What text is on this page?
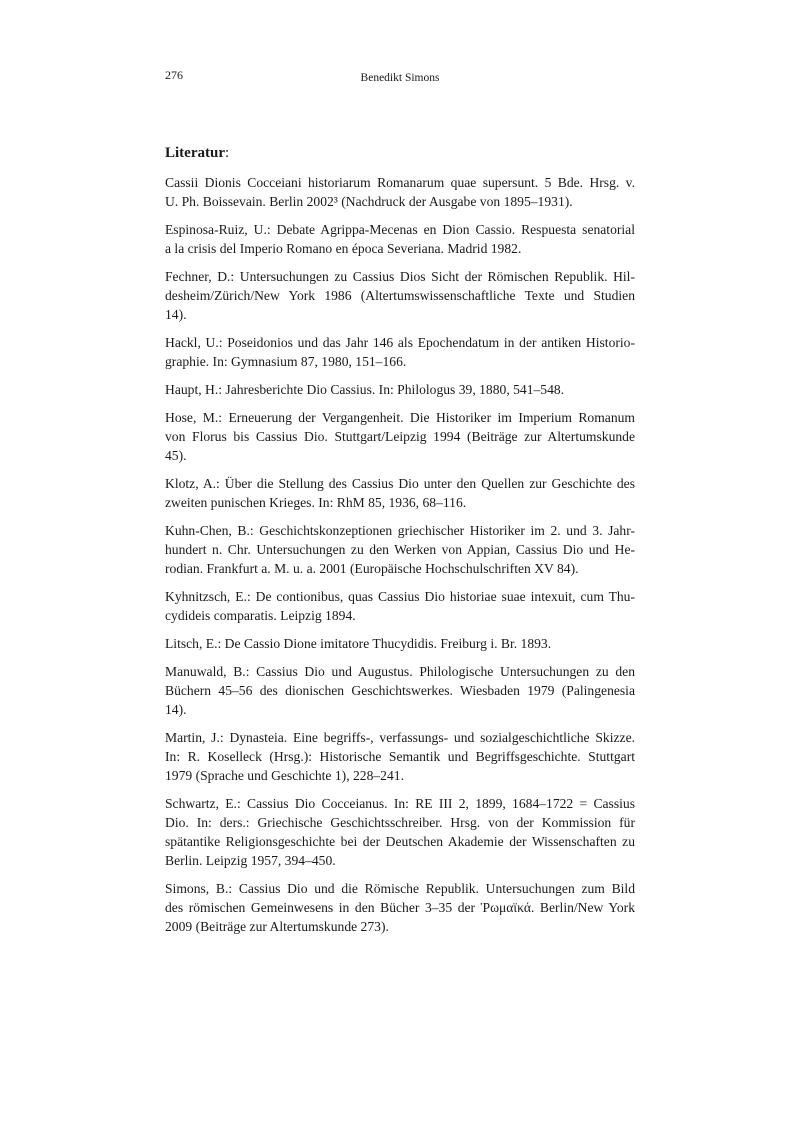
276	Benedikt Simons
Literatur:
Cassii Dionis Cocceiani historiarum Romanarum quae supersunt. 5 Bde. Hrsg. v.
U. Ph. Boissevain. Berlin 2002³ (Nachdruck der Ausgabe von 1895–1931).
Espinosa-Ruiz, U.: Debate Agrippa-Mecenas en Dion Cassio. Respuesta senatorial
a la crisis del Imperio Romano en época Severiana. Madrid 1982.
Fechner, D.: Untersuchungen zu Cassius Dios Sicht der Römischen Republik. Hil-
desheim/Zürich/New York 1986 (Altertumswissenschaftliche Texte und Studien
14).
Hackl, U.: Poseidonios und das Jahr 146 als Epochendatum in der antiken Historio-
graphie. In: Gymnasium 87, 1980, 151–166.
Haupt, H.: Jahresberichte Dio Cassius. In: Philologus 39, 1880, 541–548.
Hose, M.: Erneuerung der Vergangenheit. Die Historiker im Imperium Romanum
von Florus bis Cassius Dio. Stuttgart/Leipzig 1994 (Beiträge zur Altertumskunde
45).
Klotz, A.: Über die Stellung des Cassius Dio unter den Quellen zur Geschichte des
zweiten punischen Krieges. In: RhM 85, 1936, 68–116.
Kuhn-Chen, B.: Geschichtskonzeptionen griechischer Historiker im 2. und 3. Jahr-
hundert n. Chr. Untersuchungen zu den Werken von Appian, Cassius Dio und He-
rodian. Frankfurt a. M. u. a. 2001 (Europäische Hochschulschriften XV 84).
Kyhnitzsch, E.: De contionibus, quas Cassius Dio historiae suae intexuit, cum Thu-
cydideis comparatis. Leipzig 1894.
Litsch, E.: De Cassio Dione imitatore Thucydidis. Freiburg i. Br. 1893.
Manuwald, B.: Cassius Dio und Augustus. Philologische Untersuchungen zu den
Büchern 45–56 des dionischen Geschichtswerkes. Wiesbaden 1979 (Palingenesia
14).
Martin, J.: Dynasteia. Eine begriffs-, verfassungs- und sozialgeschichtliche Skizze.
In: R. Koselleck (Hrsg.): Historische Semantik und Begriffsgeschichte. Stuttgart
1979 (Sprache und Geschichte 1), 228–241.
Schwartz, E.: Cassius Dio Cocceianus. In: RE III 2, 1899, 1684–1722 = Cassius
Dio. In: ders.: Griechische Geschichtsschreiber. Hrsg. von der Kommission für
spätantike Religionsgeschichte bei der Deutschen Akademie der Wissenschaften zu
Berlin. Leipzig 1957, 394–450.
Simons, B.: Cassius Dio und die Römische Republik. Untersuchungen zum Bild
des römischen Gemeinwesens in den Bücher 3–35 der Ῥωμαϊκά. Berlin/New York
2009 (Beiträge zur Altertumskunde 273).
